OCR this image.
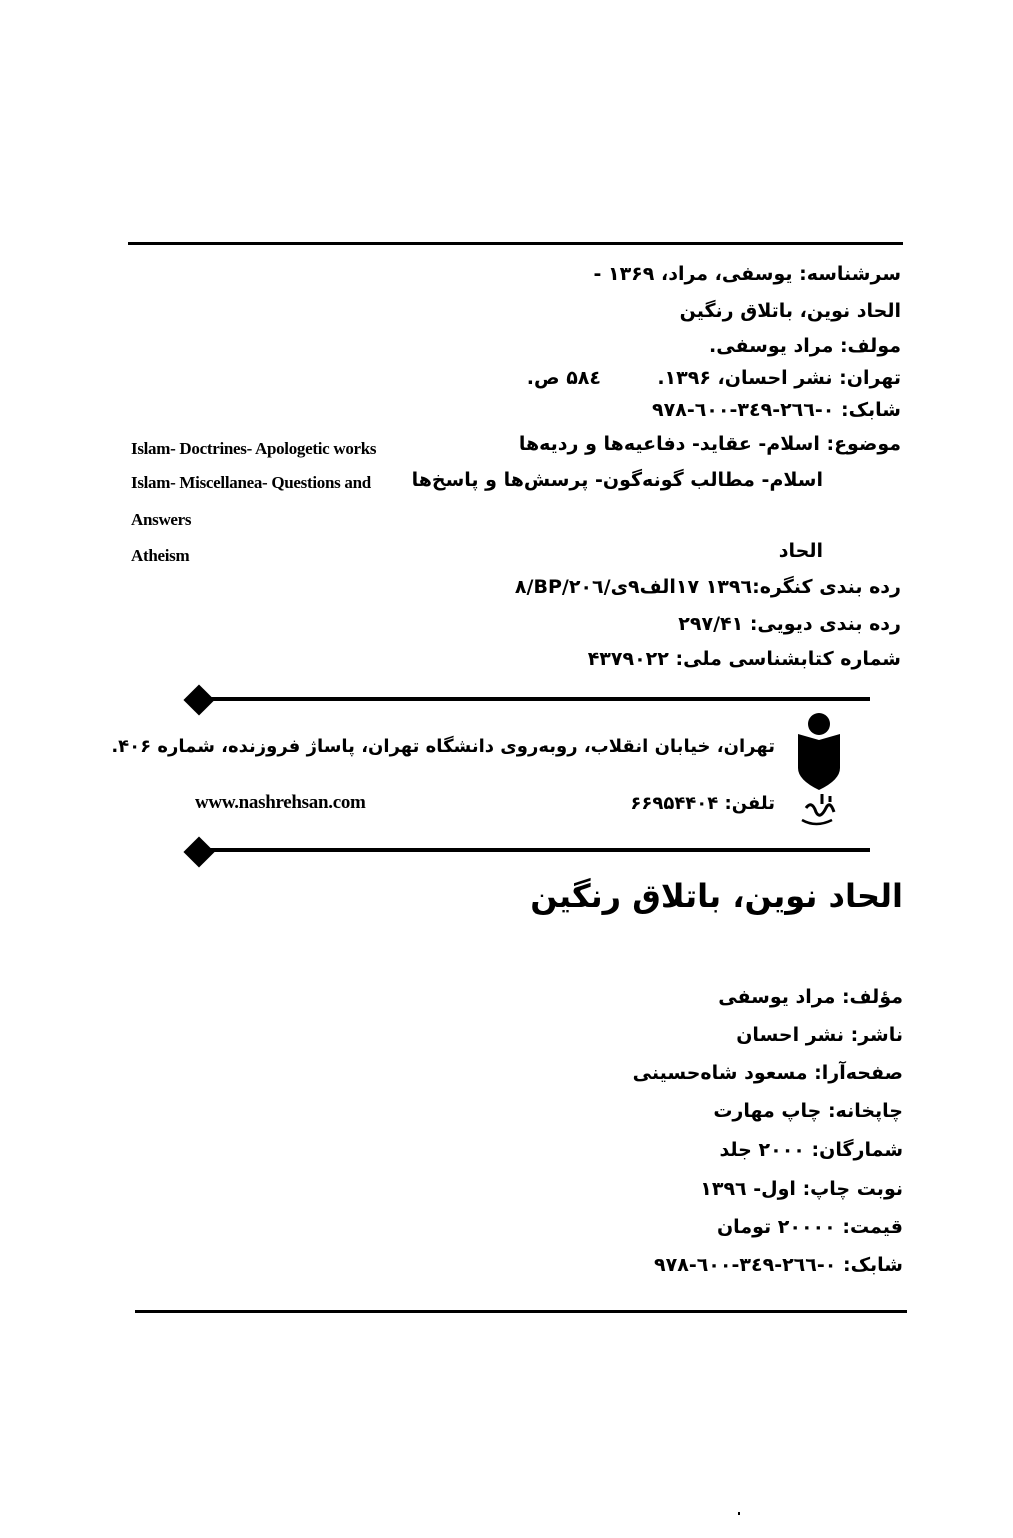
سرشناسه: یوسفی، مراد، ۱۳۶۹ -
الحاد نوین، باتلاق رنگین
مولف: مراد یوسفی.
تهران: نشر احسان، ۱۳۹۶.
۵۸٤ ص.
شابک: ۰-۲٦٦-۳٤۹-٦۰۰-۹۷۸
موضوع: اسلام- عقاید- دفاعیه‌ها و ردیه‌ها
Islam- Doctrines- Apologetic works
اسلام- مطالب گونه‌گون- پرسش‌ها و پاسخ‌ها
Islam- Miscellanea- Questions and
Answers
الحاد
Atheism
رده بندی کنگره:۱۳۹٦ ۱۷الف۹ی/BP/۲۰٦/۸
رده بندی دیویی: ۲۹۷/۴۱
شماره کتابشناسی ملی: ۴۳۷۹۰۲۲
تهران، خیابان انقلاب، روبه‌روی دانشگاه تهران، پاساژ فروزنده، شماره ۴۰۶.
تلفن: ۶۶۹۵۴۴۰۴
www.nashrehsan.com
الحاد نوین، باتلاق رنگین
مؤلف: مراد یوسفی
ناشر: نشر احسان
صفحه‌آرا: مسعود شاه‌حسینی
چاپخانه: چاپ مهارت
شمارگان: ۲۰۰۰ جلد
نوبت چاپ: اول- ۱۳۹٦
قیمت: ۲۰۰۰۰ تومان
شابک: ۰-۲٦٦-۳٤۹-٦۰۰-۹۷۸
